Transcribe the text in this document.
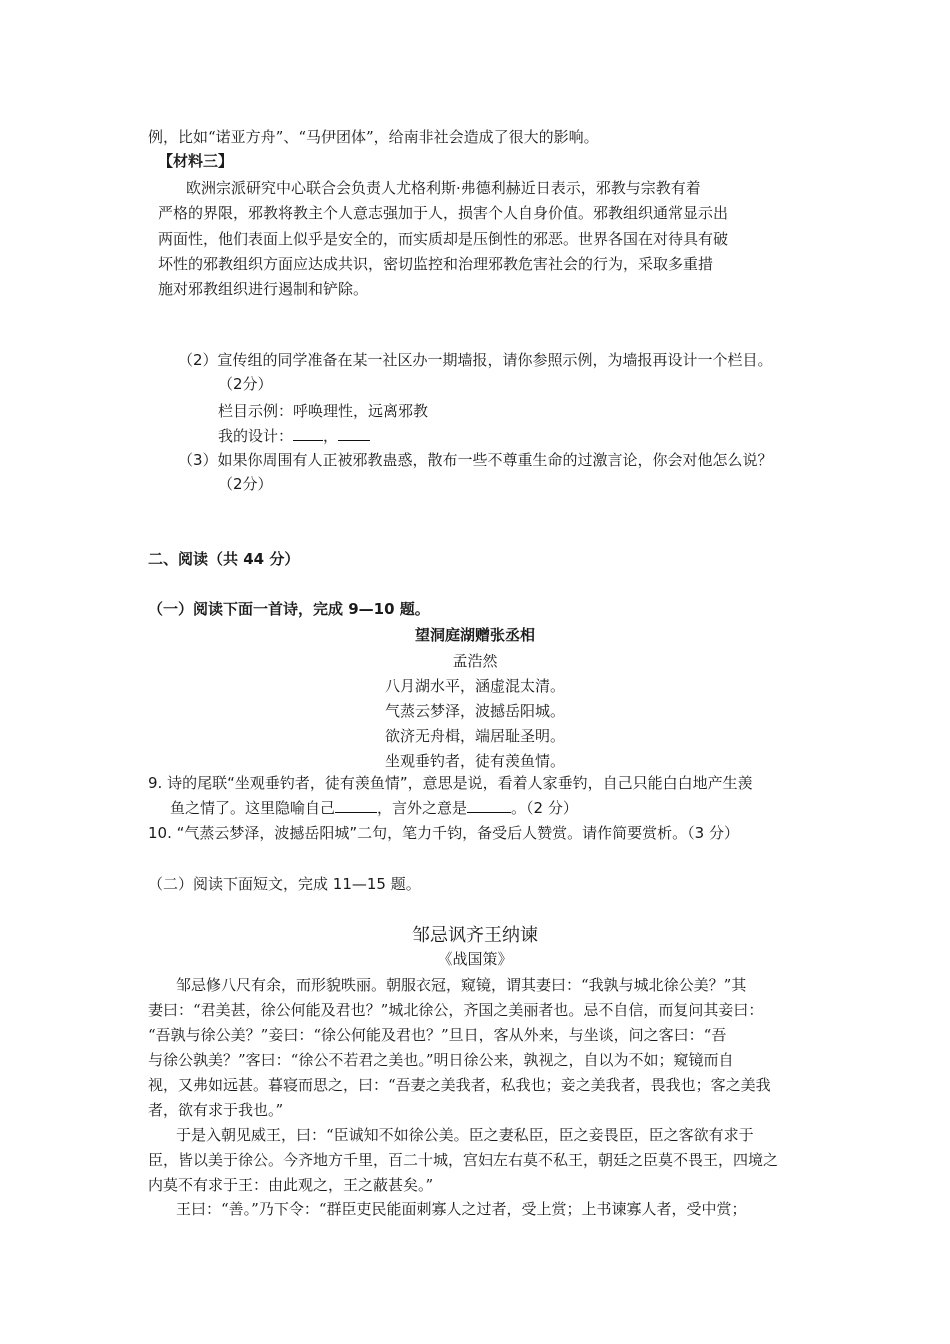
例，比如“诺亚方舟”、“马伊团体”，给南非社会造成了很大的影响。
【材料三】
欧洲宗派研究中心联合会负责人尤格利斯·弗德利赫近日表示，邪教与宗教有着
严格的界限，邪教将教主个人意志强加于人，损害个人自身价值。邪教组织通常显示出
两面性，他们表面上似乎是安全的，而实质却是压倒性的邪恶。世界各国在对待具有破
坏性的邪教组织方面应达成共识，密切监控和治理邪教危害社会的行为，采取多重措
施对邪教组织进行遏制和铲除。
（2）宣传组的同学准备在某一社区办一期墙报，请你参照示例，为墙报再设计一个栏目。
（2分）
栏目示例：呼唤理性，远离邪教
我的设计： ，
（3）如果你周围有人正被邪教蛊惑，散布一些不尊重生命的过激言论，你会对他怎么说？
（2分）
二、阅读（共 44 分）
（一）阅读下面一首诗，完成 9—10 题。
望洞庭湖赠张丞相
孟浩然
八月湖水平，涵虚混太清。
气蒸云梦泽，波撼岳阳城。
欲济无舟楫，端居耻圣明。
坐观垂钓者，徒有羡鱼情。
9. 诗的尾联“坐观垂钓者，徒有羡鱼情”，意思是说，看着人家垂钓，自己只能白白地产生羡
鱼之情了。这里隐喻自己	，言外之意是	。（2 分）
10. “气蒸云梦泽，波撼岳阳城”二句，笔力千钧，备受后人赞赏。请作简要赏析。（3 分）
（二）阅读下面短文，完成 11—15 题。
邹忌讽齐王纳谏
《战国策》
邹忌修八尺有余，而形貌昳丽。朝服衣冠，窥镜，谓其妻曰：“我孰与城北徐公美？”其
妻曰：“君美甚，徐公何能及君也？”城北徐公，齐国之美丽者也。忌不自信，而复问其妾曰：
“吾孰与徐公美？”妾曰：“徐公何能及君也？”旦日，客从外来，与坐谈，问之客曰：“吾
与徐公孰美？”客曰：“徐公不若君之美也。”明日徐公来，孰视之，自以为不如；窥镜而自
视，又弗如远甚。暮寝而思之，曰：“吾妻之美我者，私我也；妾之美我者，畏我也；客之美我
者，欲有求于我也。”
于是入朝见威王，曰：“臣诚知不如徐公美。臣之妻私臣，臣之妾畏臣，臣之客欲有求于
臣，皆以美于徐公。今齐地方千里，百二十城，宫妇左右莫不私王，朝廷之臣莫不畏王，四境之
内莫不有求于王：由此观之，王之蔽甚矣。”
王曰：“善。”乃下令：“群臣吏民能面刺寡人之过者，受上赏；上书谏寡人者，受中赏；
